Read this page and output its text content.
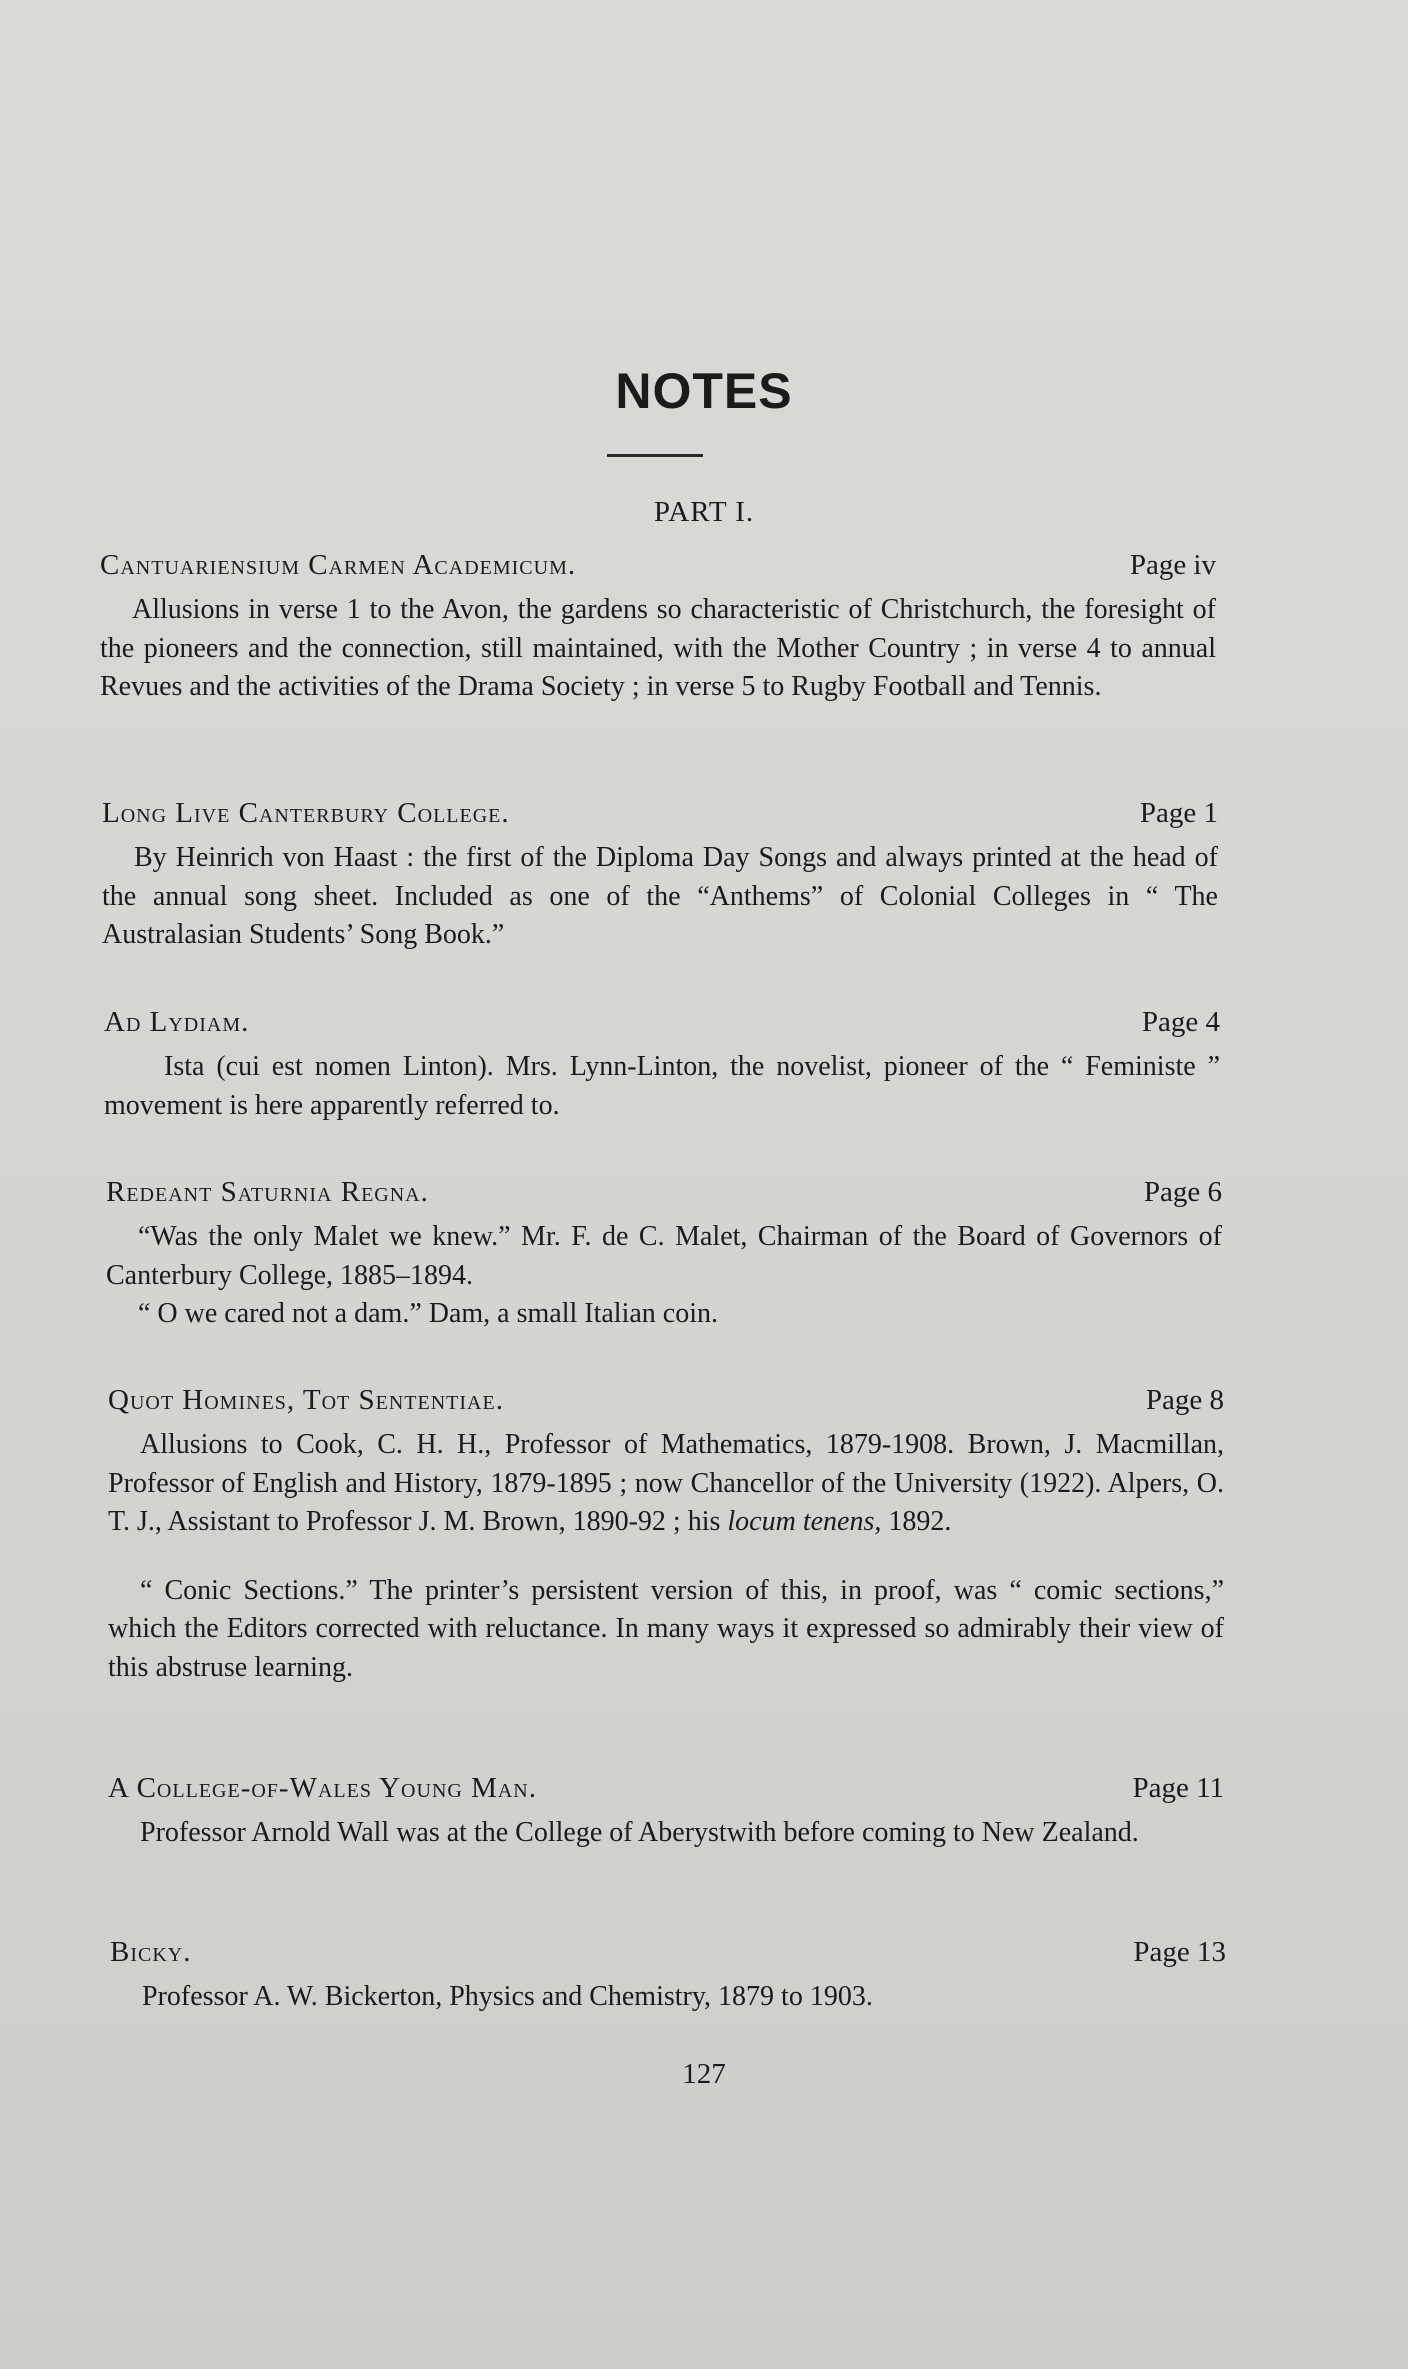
NOTES
PART I.
Cantuariensium Carmen Academicum.	Page iv
Allusions in verse 1 to the Avon, the gardens so characteristic of Christchurch, the foresight of the pioneers and the connection, still maintained, with the Mother Country ; in verse 4 to annual Revues and the activities of the Drama Society ; in verse 5 to Rugby Football and Tennis.
Long Live Canterbury College.	Page 1
By Heinrich von Haast : the first of the Diploma Day Songs and always printed at the head of the annual song sheet. Included as one of the “Anthems” of Colonial Colleges in “ The Australasian Students’ Song Book.”
Ad Lydiam.	Page 4
Ista (cui est nomen Linton). Mrs. Lynn-Linton, the novelist, pioneer of the “ Feministe ” movement is here apparently referred to.
Redeant Saturnia Regna.	Page 6
“Was the only Malet we knew.” Mr. F. de C. Malet, Chairman of the Board of Governors of Canterbury College, 1885–1894.
“ O we cared not a dam.” Dam, a small Italian coin.
Quot Homines, Tot Sententiae.	Page 8
Allusions to Cook, C. H. H., Professor of Mathematics, 1879-1908. Brown, J. Macmillan, Professor of English and History, 1879-1895 ; now Chancellor of the University (1922). Alpers, O. T. J., Assistant to Professor J. M. Brown, 1890-92 ; his locum tenens, 1892.
“ Conic Sections.” The printer’s persistent version of this, in proof, was “ comic sections,” which the Editors corrected with reluctance. In many ways it expressed so admirably their view of this abstruse learning.
A College-of-Wales Young Man.	Page 11
Professor Arnold Wall was at the College of Aberystwith before coming to New Zealand.
Bicky.	Page 13
Professor A. W. Bickerton, Physics and Chemistry, 1879 to 1903.
127
